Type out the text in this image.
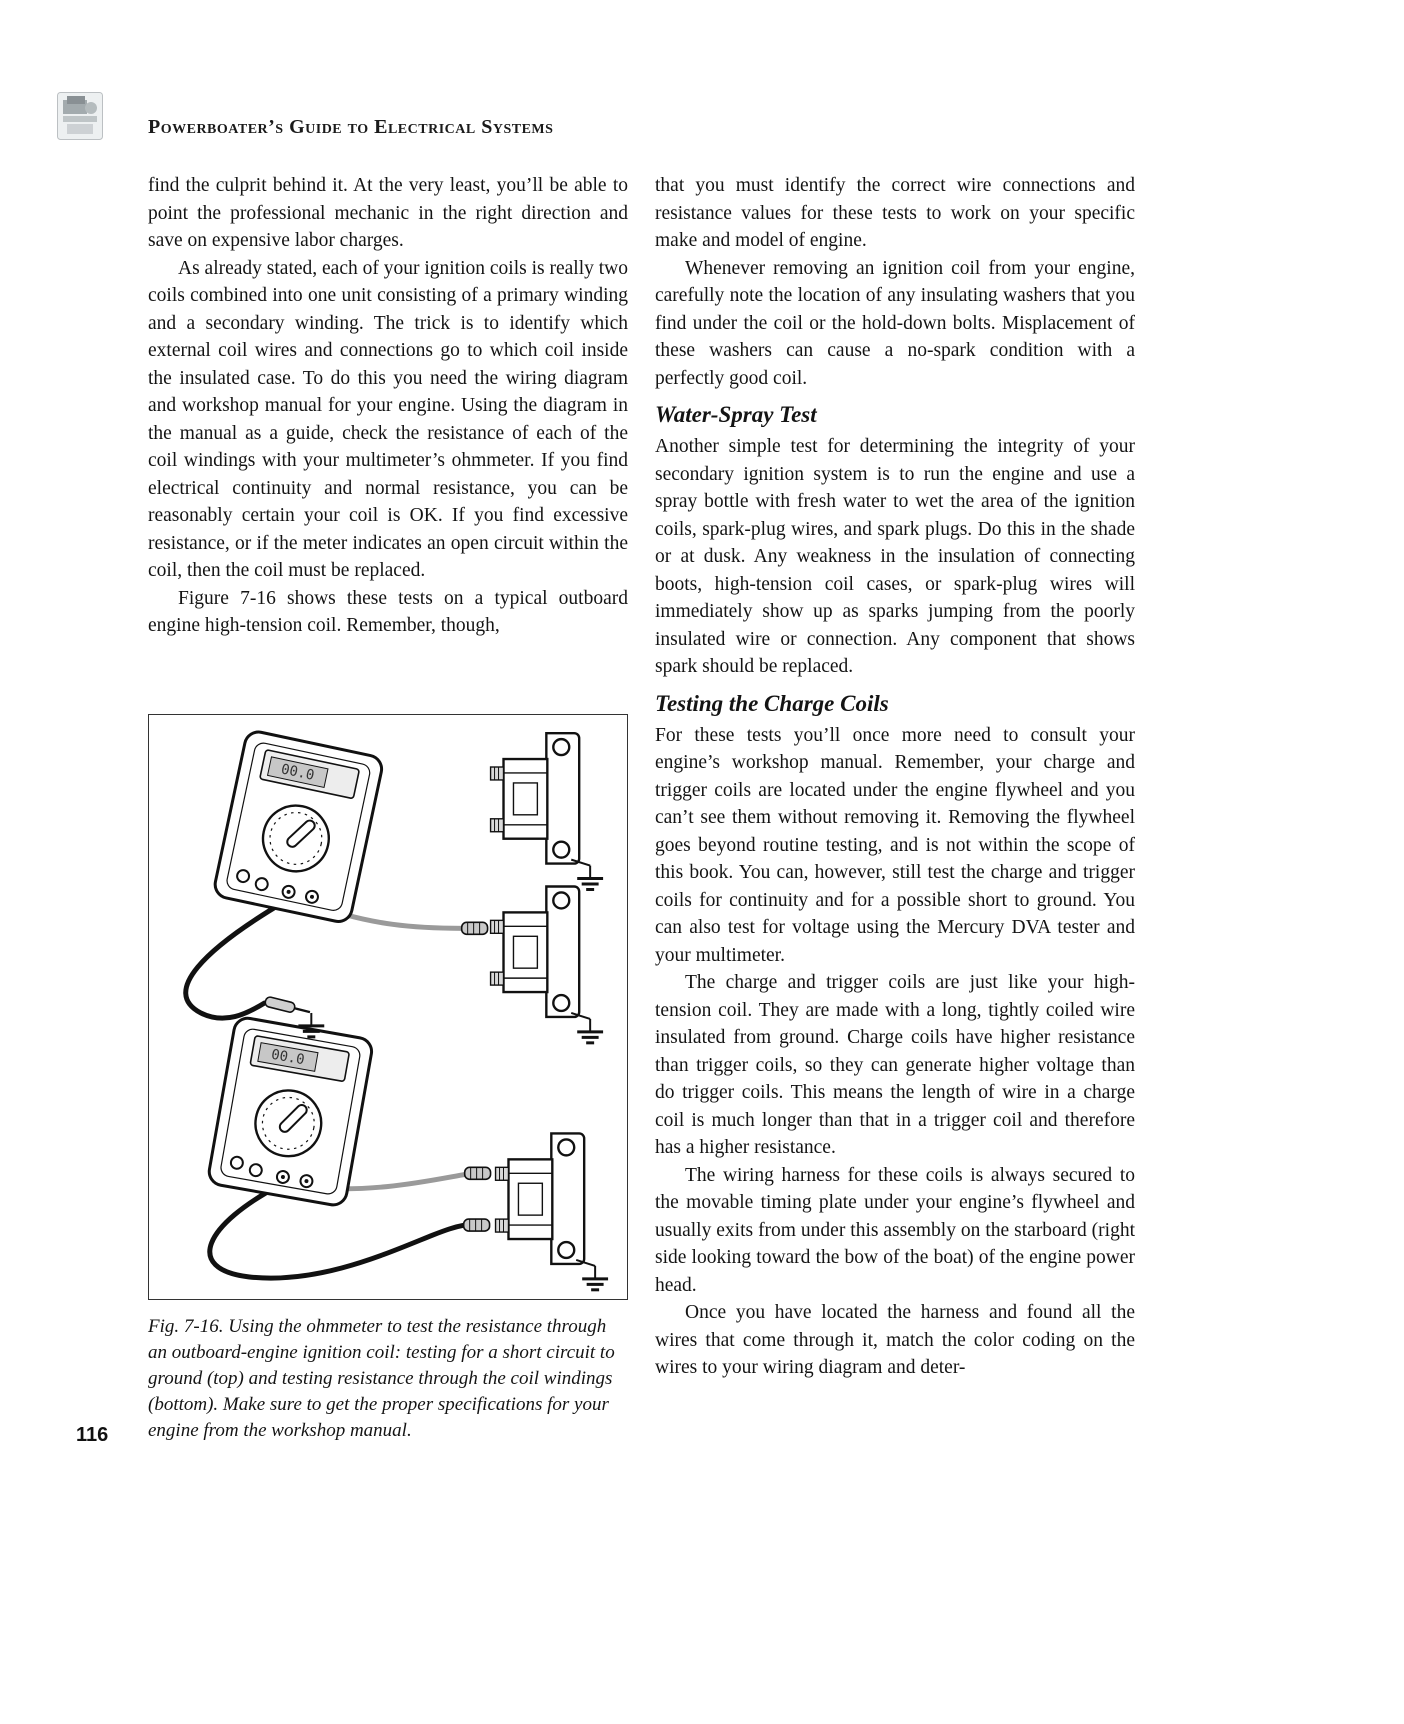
Powerboater’s Guide to Electrical Systems

find the culprit behind it. At the very least, you’ll be able to point the professional mechanic in the right direction and save on expensive labor charges.

As already stated, each of your ignition coils is really two coils combined into one unit consisting of a primary winding and a secondary winding. The trick is to identify which external coil wires and connections go to which coil inside the insulated case. To do this you need the wiring diagram and workshop manual for your engine. Using the diagram in the manual as a guide, check the resistance of each of the coil windings with your multimeter’s ohmmeter. If you find electrical continuity and normal resistance, you can be reasonably certain your coil is OK. If you find excessive resistance, or if the meter indicates an open circuit within the coil, then the coil must be replaced.

Figure 7-16 shows these tests on a typical outboard engine high-tension coil. Remember, though,

00.0
00.0
Fig. 7-16. Using the ohmmeter to test the resistance through an outboard-engine ignition coil: testing for a short circuit to ground (top) and testing resistance through the coil windings (bottom). Make sure to get the proper specifications for your engine from the workshop manual.

that you must identify the correct wire connections and resistance values for these tests to work on your specific make and model of engine.

Whenever removing an ignition coil from your engine, carefully note the location of any insulating washers that you find under the coil or the hold-down bolts. Misplacement of these washers can cause a no-spark condition with a perfectly good coil.

Water-Spray Test

Another simple test for determining the integrity of your secondary ignition system is to run the engine and use a spray bottle with fresh water to wet the area of the ignition coils, spark-plug wires, and spark plugs. Do this in the shade or at dusk. Any weakness in the insulation of connecting boots, high-tension coil cases, or spark-plug wires will immediately show up as sparks jumping from the poorly insulated wire or connection. Any component that shows spark should be replaced.

Testing the Charge Coils

For these tests you’ll once more need to consult your engine’s workshop manual. Remember, your charge and trigger coils are located under the engine flywheel and you can’t see them without removing it. Removing the flywheel goes beyond routine testing, and is not within the scope of this book. You can, however, still test the charge and trigger coils for continuity and for a possible short to ground. You can also test for voltage using the Mercury DVA tester and your multimeter.

The charge and trigger coils are just like your high-tension coil. They are made with a long, tightly coiled wire insulated from ground. Charge coils have higher resistance than trigger coils, so they can generate higher voltage than do trigger coils. This means the length of wire in a charge coil is much longer than that in a trigger coil and therefore has a higher resistance.

The wiring harness for these coils is always secured to the movable timing plate under your engine’s flywheel and usually exits from under this assembly on the starboard (right side looking toward the bow of the boat) of the engine power head.

Once you have located the harness and found all the wires that come through it, match the color coding on the wires to your wiring diagram and deter-

116
